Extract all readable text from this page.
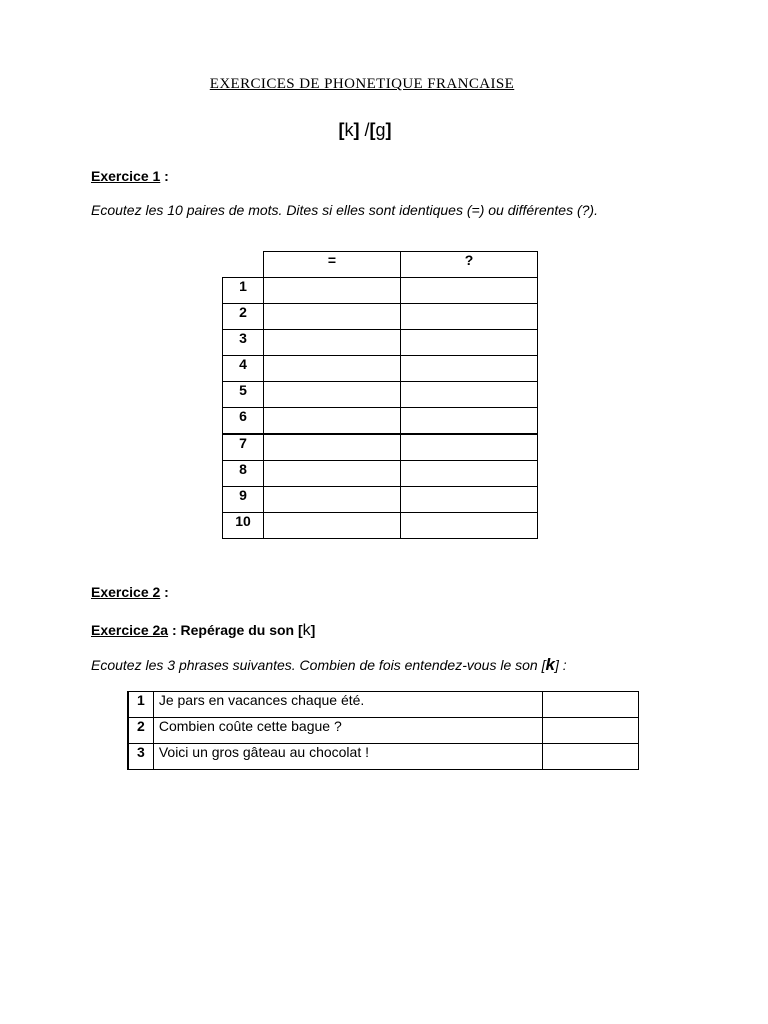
EXERCICES DE PHONETIQUE FRANCAISE
[k] /[g]
Exercice 1 :
Ecoutez les 10 paires de mots. Dites si elles sont identiques (=) ou différentes (?).
	=	?
1		
2		
3		
4		
5		
6		
7		
8		
9		
10		
Exercice 2 :
Exercice 2a : Repérage du son [k]
Ecoutez les 3 phrases suivantes. Combien de fois entendez-vous le son [k] :
1	Je pars en vacances chaque été.	
2	Combien coûte cette bague ?	
3	Voici un gros gâteau au chocolat !	
